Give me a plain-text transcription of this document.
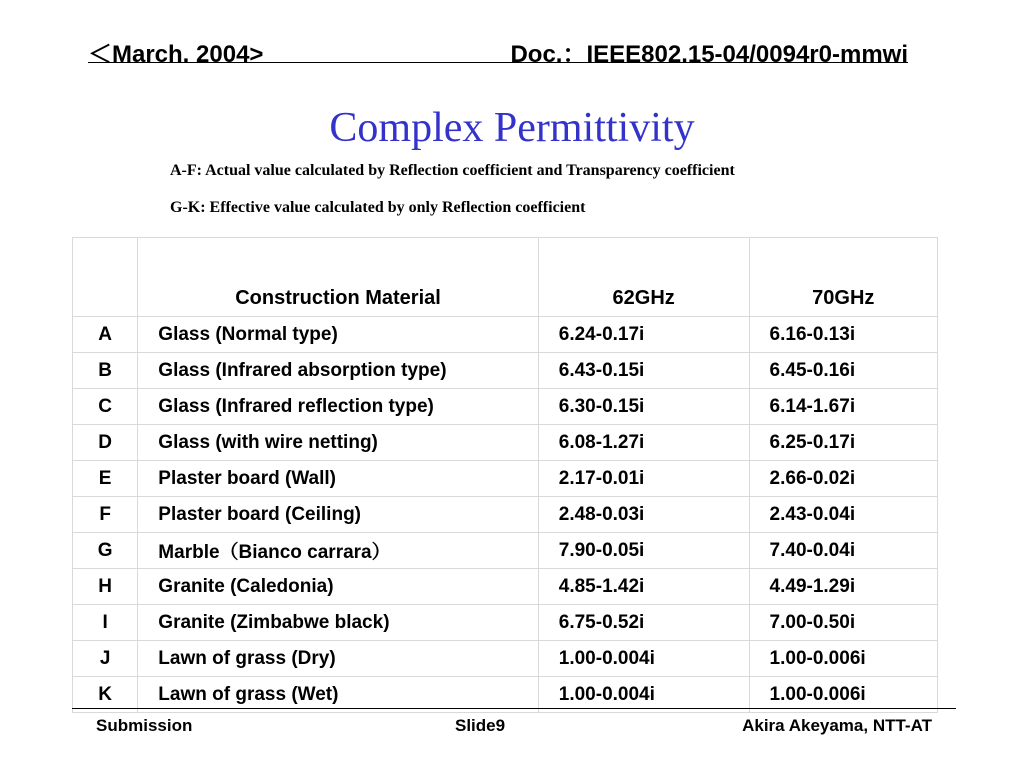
＜March. 2004>	Doc.：IEEE802.15-04/0094r0-mmwi
Complex Permittivity
A-F: Actual value calculated by Reflection coefficient and Transparency coefficient
G-K: Effective value calculated by only Reflection coefficient
	Construction Material	62GHz	70GHz
A	Glass (Normal type)	6.24-0.17i	6.16-0.13i
B	Glass (Infrared absorption type)	6.43-0.15i	6.45-0.16i
C	Glass (Infrared reflection type)	6.30-0.15i	6.14-1.67i
D	Glass (with wire netting)	6.08-1.27i	6.25-0.17i
E	Plaster board (Wall)	2.17-0.01i	2.66-0.02i
F	Plaster board (Ceiling)	2.48-0.03i	2.43-0.04i
G	Marble（Bianco carrara）	7.90-0.05i	7.40-0.04i
H	Granite (Caledonia)	4.85-1.42i	4.49-1.29i
I	Granite (Zimbabwe black)	6.75-0.52i	7.00-0.50i
J	Lawn of grass (Dry)	1.00-0.004i	1.00-0.006i
K	Lawn of grass (Wet)	1.00-0.004i	1.00-0.006i
Submission	Slide9	Akira Akeyama, NTT-AT
